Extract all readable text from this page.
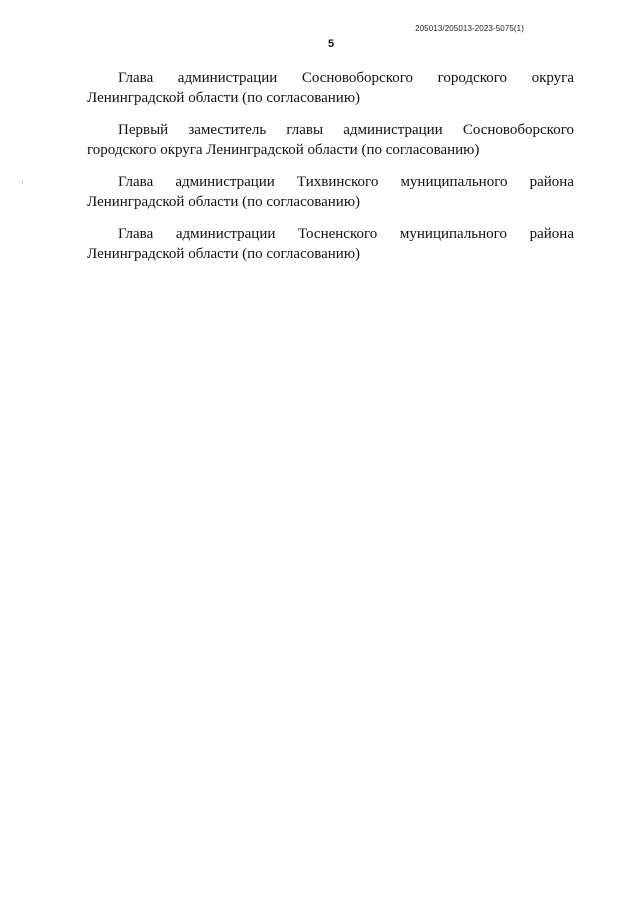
205013/205013-2023-5075(1)
5
Глава администрации Сосновоборского городского округа
Ленинградской области (по согласованию)
Первый заместитель главы администрации Сосновоборского
городского округа Ленинградской области (по согласованию)
Глава администрации Тихвинского муниципального района
Ленинградской области (по согласованию)
Глава администрации Тосненского муниципального района
Ленинградской области (по согласованию)
